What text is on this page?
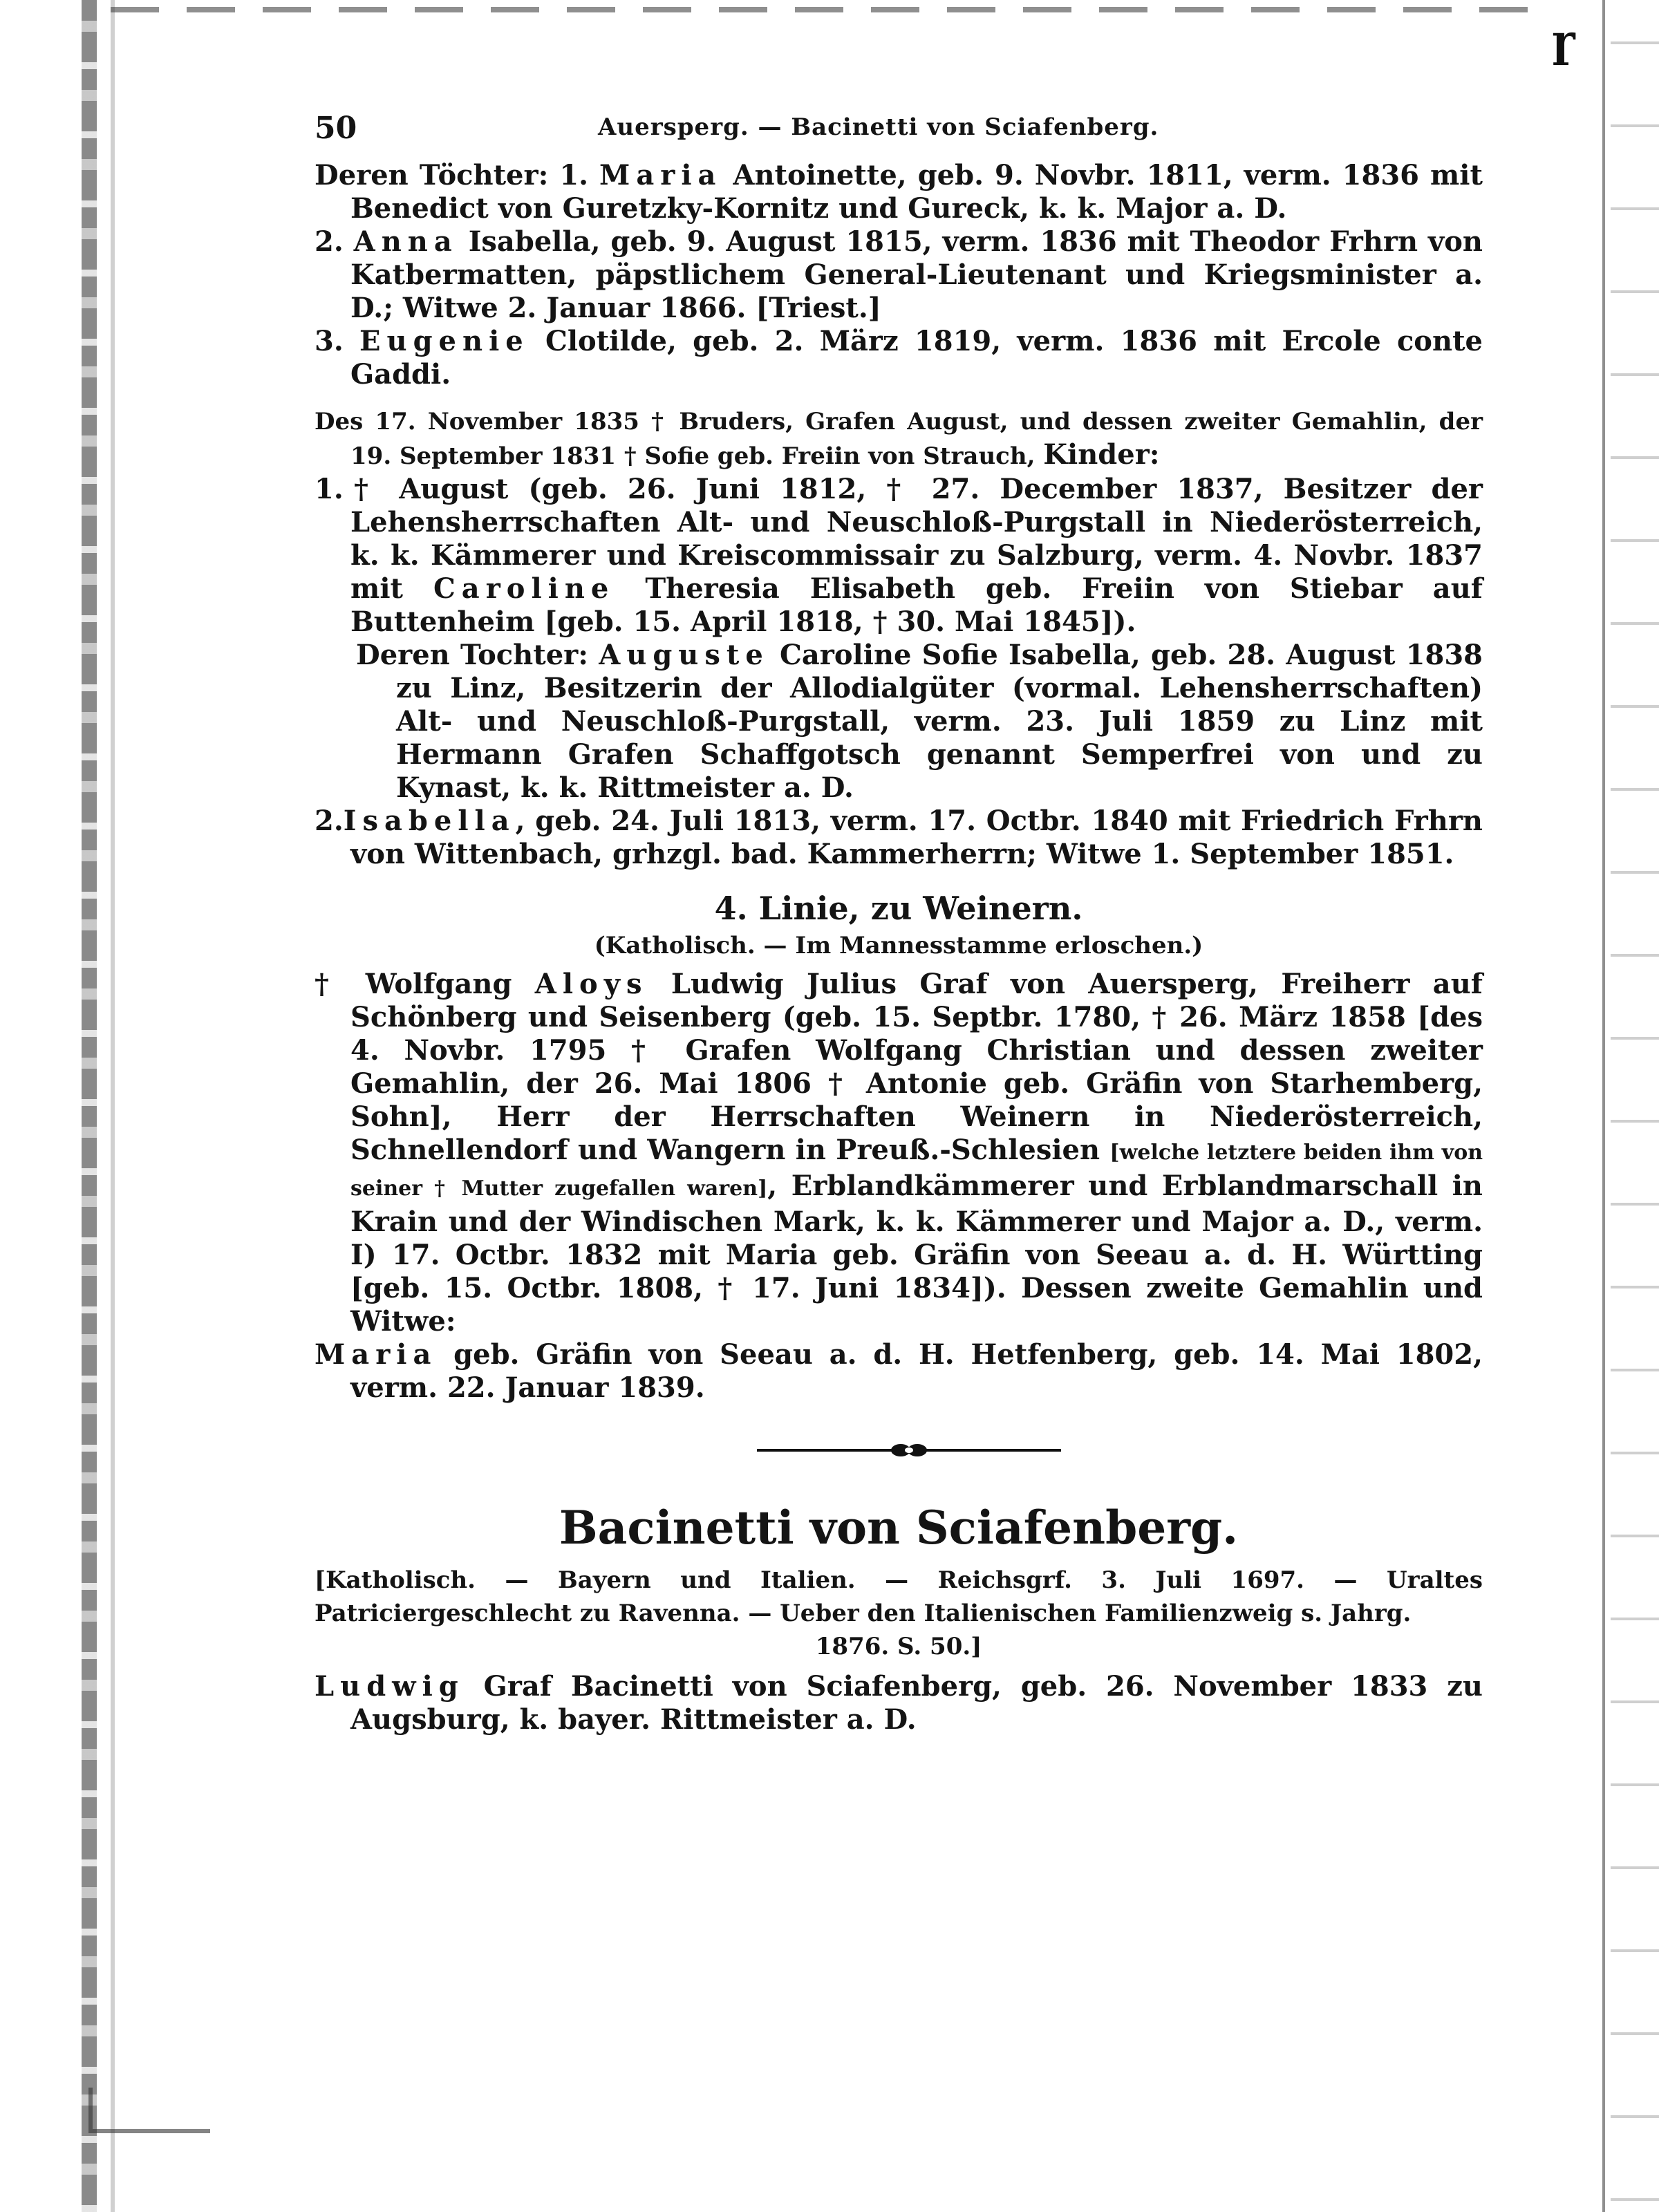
ɼ
50	Auersperg. — Bacinetti von Sciafenberg.

Deren Töchter: 1. Maria Antoinette, geb. 9. Novbr. 1811, verm. 1836 mit Benedict von Guretzky-Kornitz und Gureck, k. k. Major a. D.

2. Anna Isabella, geb. 9. August 1815, verm. 1836 mit Theodor Frhrn von Katbermatten, päpstlichem General-Lieutenant und Kriegsminister a. D.; Witwe 2. Januar 1866. [Triest.]

3. Eugenie Clotilde, geb. 2. März 1819, verm. 1836 mit Ercole conte Gaddi.

Des 17. November 1835 † Bruders, Grafen August, und dessen zweiter Gemahlin, der 19. September 1831 † Sofie geb. Freiin von Strauch, Kinder:

1.† August (geb. 26. Juni 1812, † 27. December 1837, Besitzer der Lehensherrschaften Alt- und Neuschloß-Purgstall in Niederösterreich, k. k. Kämmerer und Kreiscommissair zu Salzburg, verm. 4. Novbr. 1837 mit Caroline Theresia Elisabeth geb. Freiin von Stiebar auf Buttenheim [geb. 15. April 1818, † 30. Mai 1845]).

Deren Tochter: Auguste Caroline Sofie Isabella, geb. 28. August 1838 zu Linz, Besitzerin der Allodialgüter (vormal. Lehensherrschaften) Alt- und Neuschloß-Purgstall, verm. 23. Juli 1859 zu Linz mit Hermann Grafen Schaffgotsch genannt Semperfrei von und zu Kynast, k. k. Rittmeister a. D.

2.Isabella, geb. 24. Juli 1813, verm. 17. Octbr. 1840 mit Friedrich Frhrn von Wittenbach, grhzgl. bad. Kammerherrn; Witwe 1. September 1851.

4. Linie, zu Weinern.
(Katholisch. — Im Mannesstamme erloschen.)

† Wolfgang Aloys Ludwig Julius Graf von Auersperg, Freiherr auf Schönberg und Seisenberg (geb. 15. Septbr. 1780, † 26. März 1858 [des 4. Novbr. 1795 † Grafen Wolfgang Christian und dessen zweiter Gemahlin, der 26. Mai 1806 † Antonie geb. Gräfin von Starhemberg, Sohn], Herr der Herrschaften Weinern in Niederösterreich, Schnellendorf und Wangern in Preuß.-Schlesien [welche letztere beiden ihm von seiner † Mutter zugefallen waren], Erblandkämmerer und Erblandmarschall in Krain und der Windischen Mark, k. k. Kämmerer und Major a. D., verm. I) 17. Octbr. 1832 mit Maria geb. Gräfin von Seeau a. d. H. Württing [geb. 15. Octbr. 1808, † 17. Juni 1834]). Dessen zweite Gemahlin und Witwe:

Maria geb. Gräfin von Seeau a. d. H. Hetfenberg, geb. 14. Mai 1802, verm. 22. Januar 1839.

Bacinetti von Sciafenberg.

[Katholisch. — Bayern und Italien. — Reichsgrf. 3. Juli 1697. — Uraltes Patriciergeschlecht zu Ravenna. — Ueber den Italienischen Familienzweig s. Jahrg.
1876. S. 50.]

Ludwig Graf Bacinetti von Sciafenberg, geb. 26. November 1833 zu Augsburg, k. bayer. Rittmeister a. D.
